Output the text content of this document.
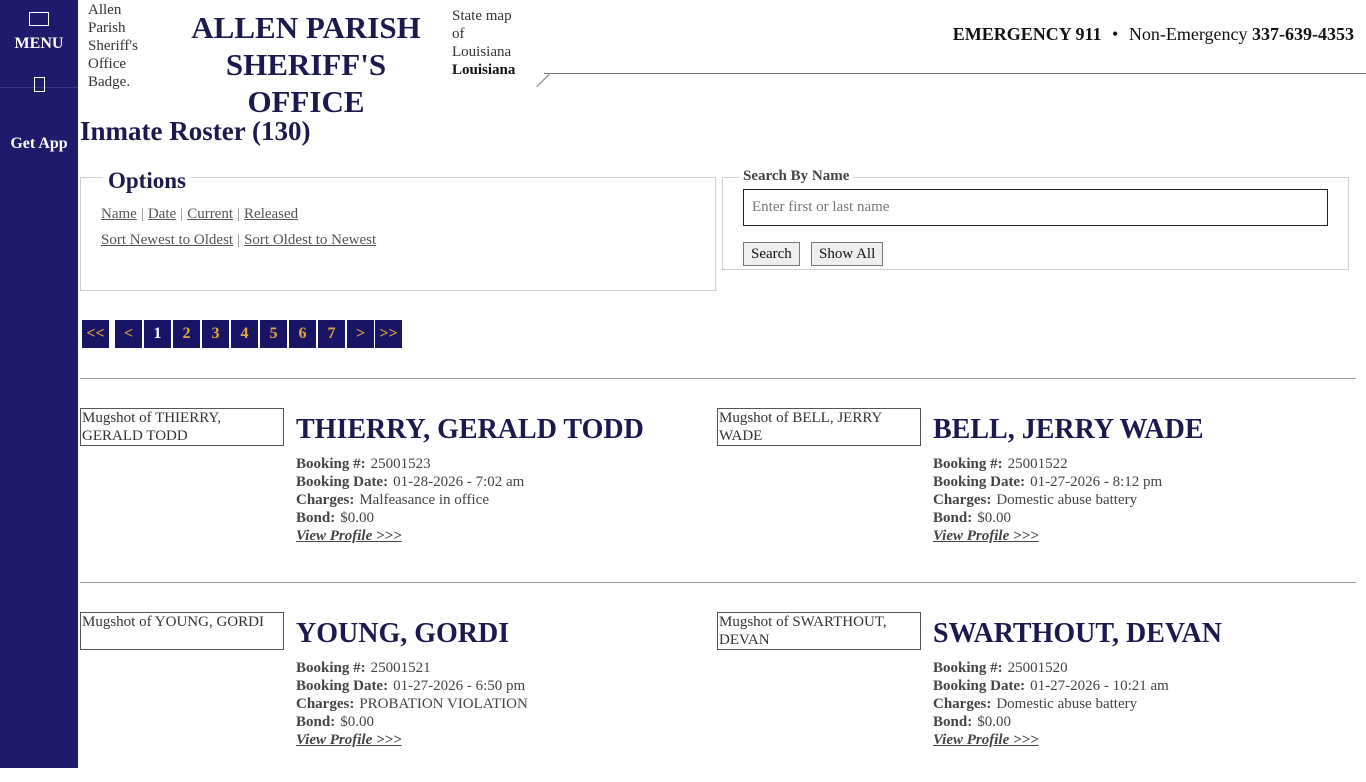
MENU
Get App
Allen Parish Sheriff's Office Badge.
ALLEN PARISH
SHERIFF'S OFFICE
State map of Louisiana
Louisiana
EMERGENCY 911 • Non-Emergency 337-639-4353
Inmate Roster (130)
Options
Name | Date | Current | Released
Sort Newest to Oldest | Sort Oldest to Newest
Search By Name
Enter first or last name
Search	Show All
<<	<	1	2	3	4	5	6	7	> >>
Mugshot of THIERRY, GERALD TODD	THIERRY, GERALD TODD
Booking #: 25001523
Booking Date: 01-28-2026 - 7:02 am
Charges: Malfeasance in office
Bond: $0.00
View Profile >>>
Mugshot of BELL, JERRY WADE	BELL, JERRY WADE
Booking #: 25001522
Booking Date: 01-27-2026 - 8:12 pm
Charges: Domestic abuse battery
Bond: $0.00
View Profile >>>
Mugshot of YOUNG, GORDI	YOUNG, GORDI
Booking #: 25001521
Booking Date: 01-27-2026 - 6:50 pm
Charges: PROBATION VIOLATION
Bond: $0.00
View Profile >>>
Mugshot of SWARTHOUT, DEVAN	SWARTHOUT, DEVAN
Booking #: 25001520
Booking Date: 01-27-2026 - 10:21 am
Charges: Domestic abuse battery
Bond: $0.00
View Profile >>>
